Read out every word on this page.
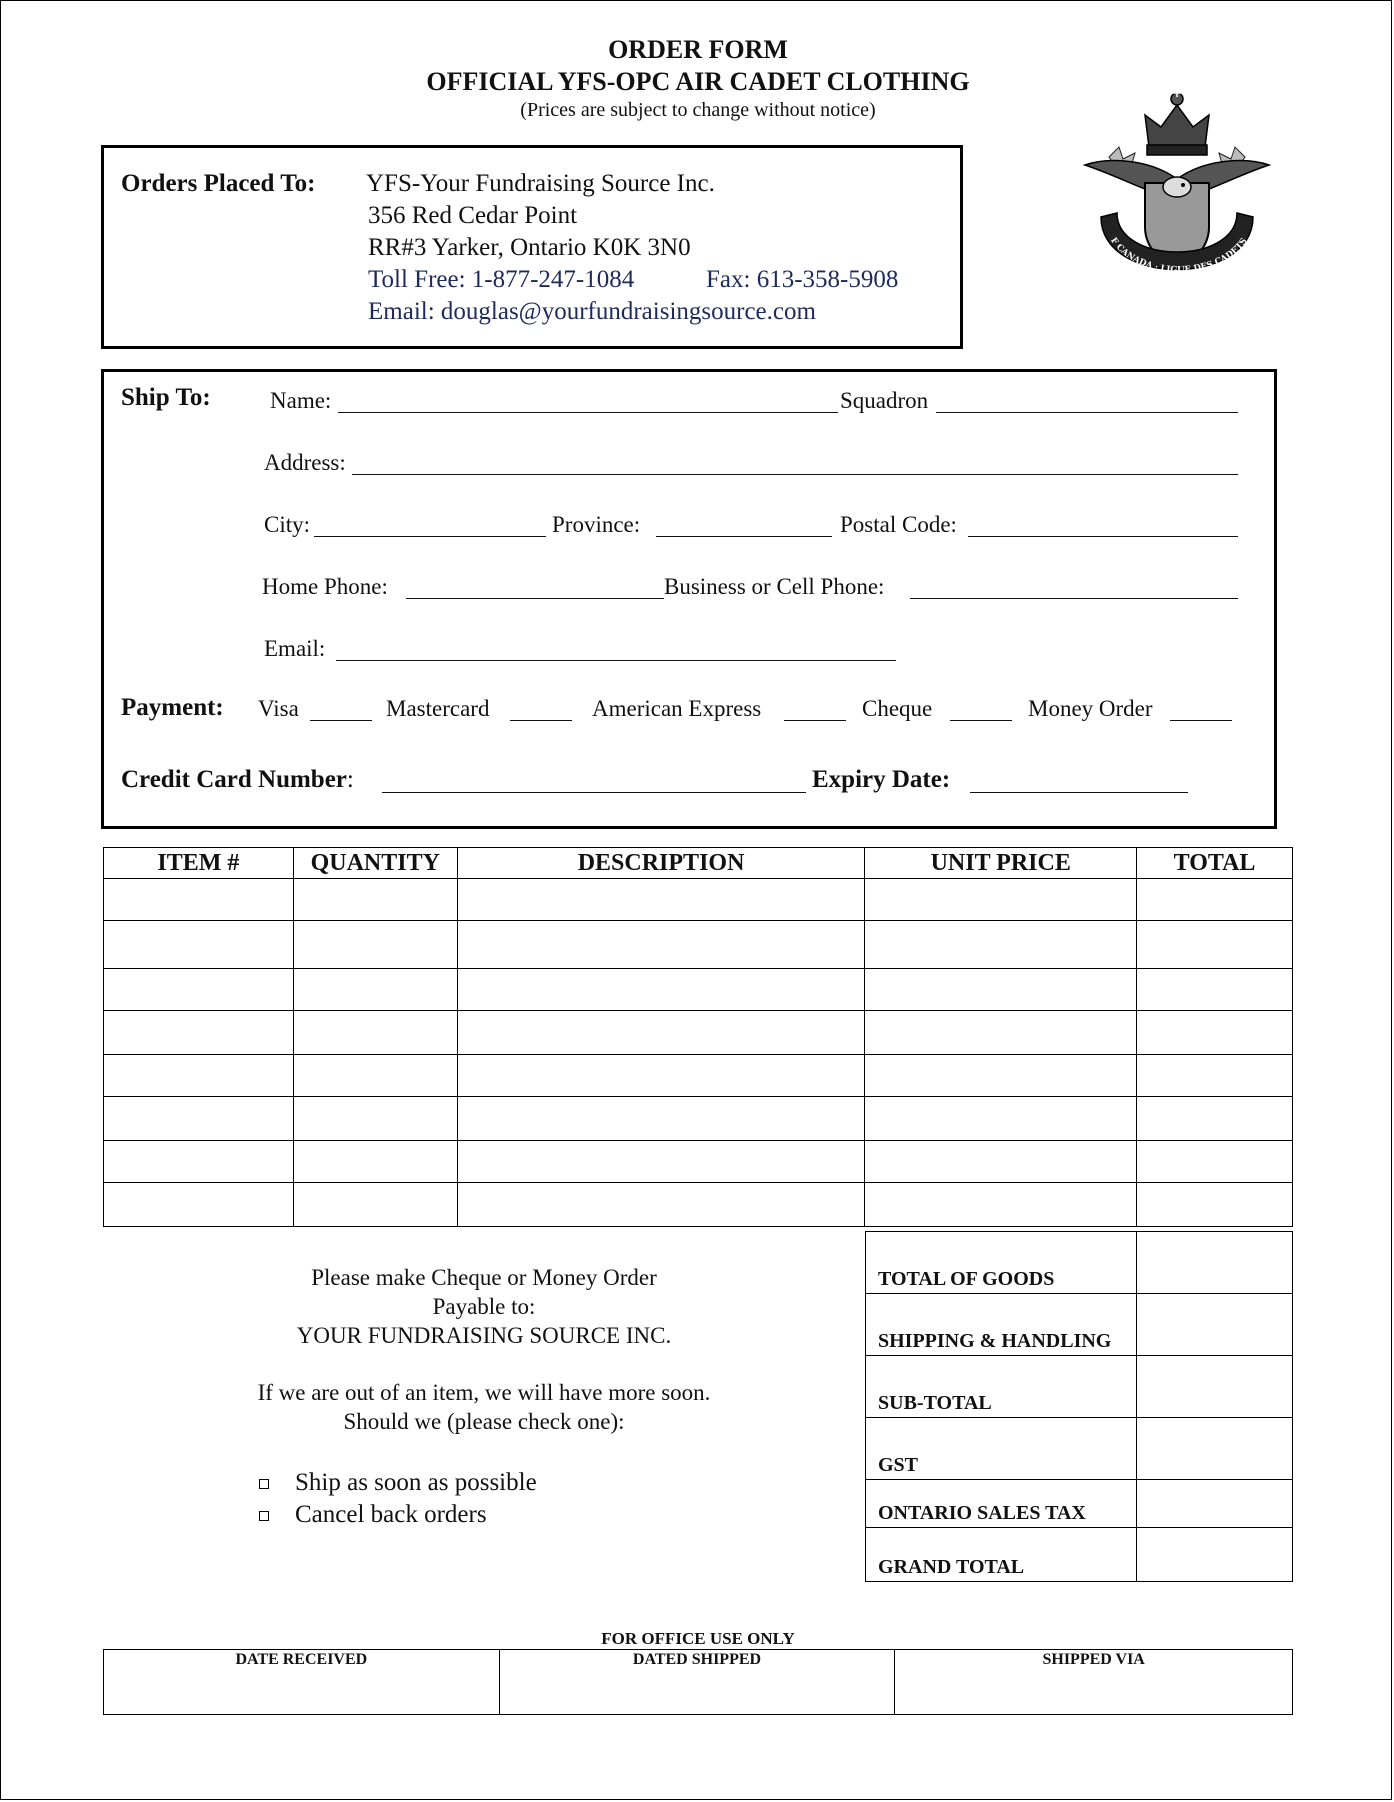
ORDER FORM
OFFICIAL YFS-OPC AIR CADET CLOTHING
(Prices are subject to change without notice)
Orders Placed To: YFS-Your Fundraising Source Inc.
356 Red Cedar Point
RR#3 Yarker, Ontario K0K 3N0
Toll Free: 1-877-247-1084	Fax: 613-358-5908
Email: douglas@yourfundraisingsource.com
F CANADA · LIGUE DES CADETS
Ship To:	Name:	Squadron
Address:
City:	Province:	Postal Code:
Home Phone:	Business or Cell Phone:
Email:
Payment: Visa	Mastercard	American Express	Cheque	Money Order
Credit Card Number:	Expiry Date:
ITEM #	QUANTITY	DESCRIPTION	UNIT PRICE	TOTAL

Please make Cheque or Money Order
Payable to:
YOUR FUNDRAISING SOURCE INC.
If we are out of an item, we will have more soon.
Should we (please check one):
Ship as soon as possible
Cancel back orders
TOTAL OF GOODS	
SHIPPING & HANDLING	
SUB-TOTAL	
GST	
ONTARIO SALES TAX	
GRAND TOTAL	
FOR OFFICE USE ONLY
DATE RECEIVED	DATED SHIPPED	SHIPPED VIA
